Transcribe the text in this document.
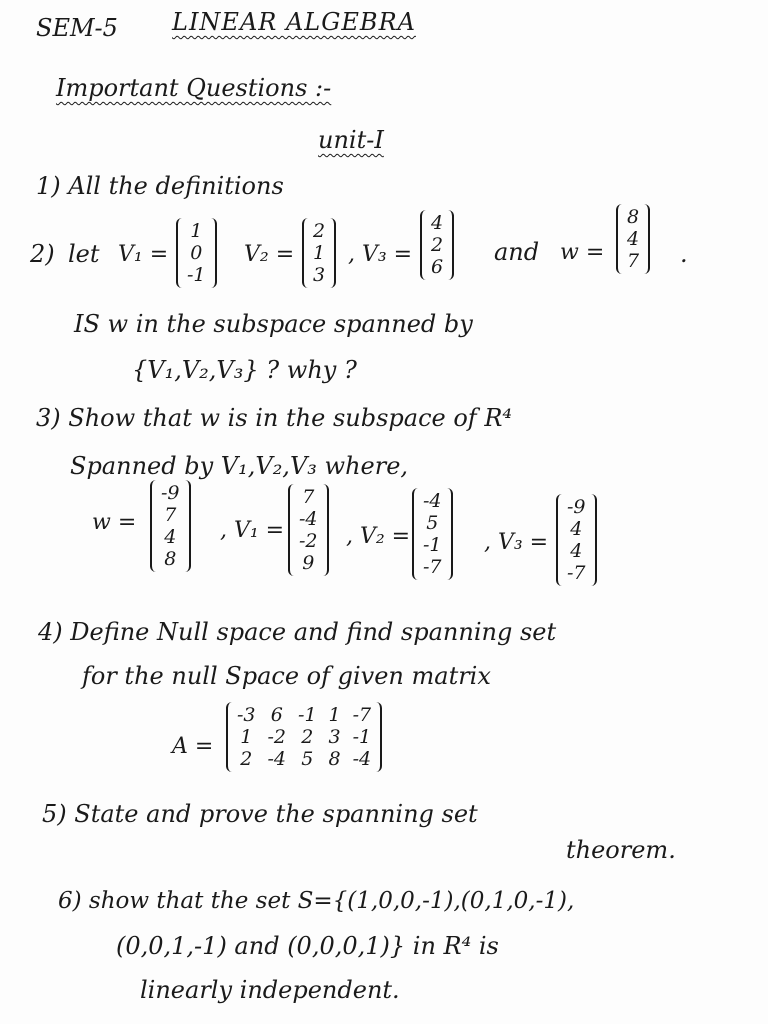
SEM-5 LINEAR ALGEBRA
Important Questions :-
unit-I
1) All the definitions
2) let V₁ =
1
0
-1
V₂ =
2
1
3
, V₃ =
4
2
6
and w =
8
4
7 .
IS w in the subspace spanned by
{V₁,V₂,V₃} ? why ?
3) Show that w is in the subspace of R⁴
Spanned by V₁,V₂,V₃ where,
w =
-9
7
4
8
, V₁ =
7
-4
-2
9
, V₂ =
-4
5
-1
-7
, V₃ =
-9
4
4
-7
4) Define Null space and find spanning set
for the null Space of given matrix
A =
-3 6 -1 1 -7
1 -2 2 3 -1
2 -4 5 8 -4
5) State and prove the spanning set
theorem.
6) show that the set S={(1,0,0,-1),(0,1,0,-1),
(0,0,1,-1) and (0,0,0,1)} in R⁴ is
linearly independent.
